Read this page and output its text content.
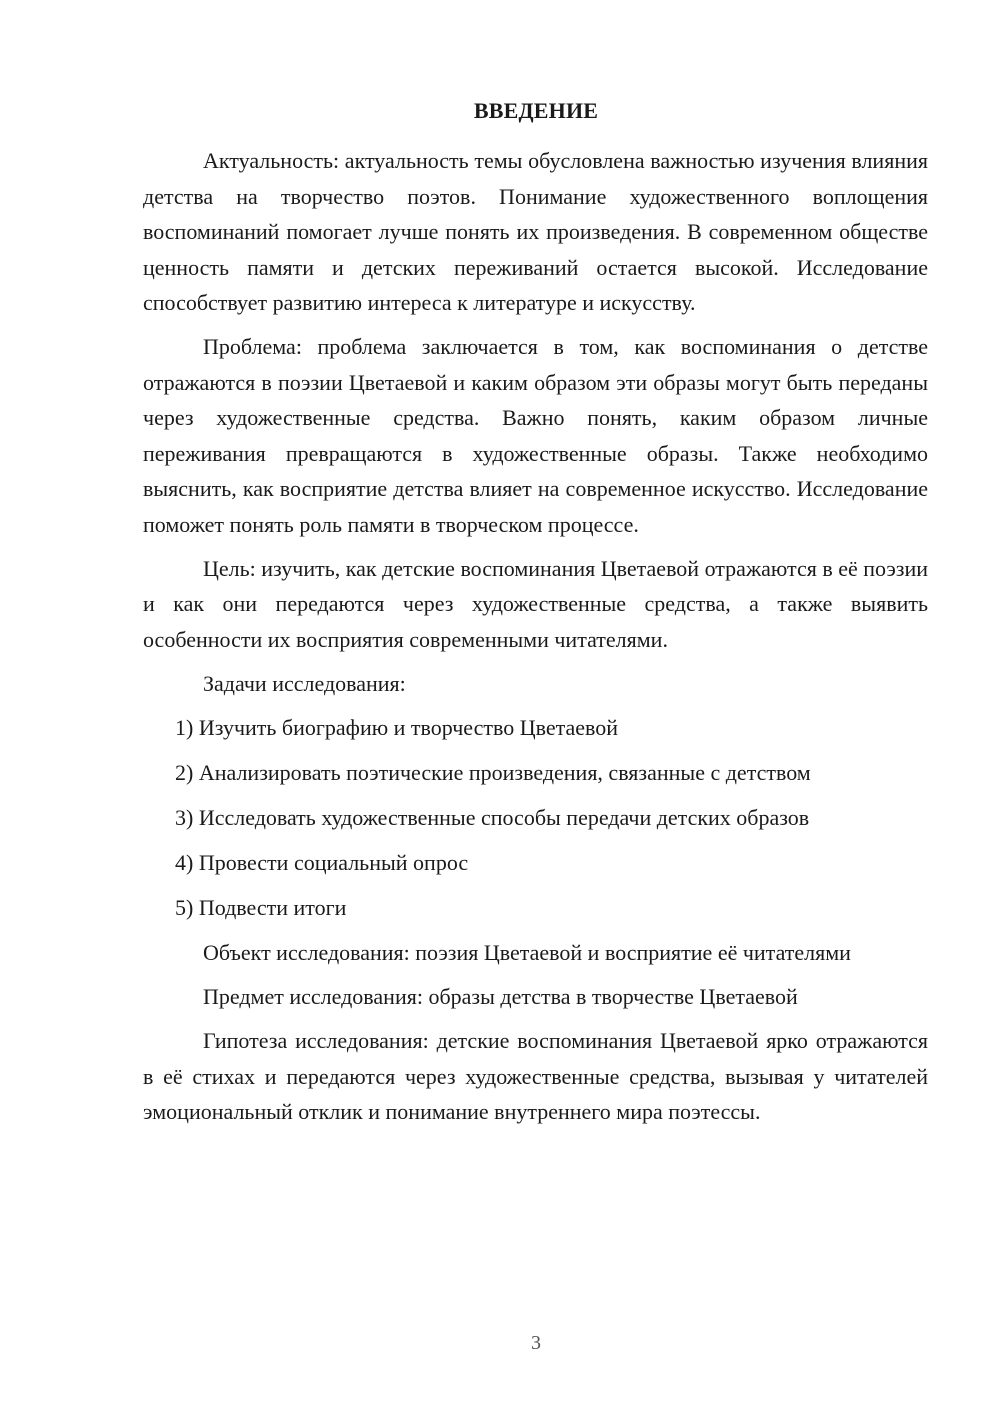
ВВЕДЕНИЕ

Актуальность: актуальность темы обусловлена важностью изучения влияния детства на творчество поэтов. Понимание художественного воплощения воспоминаний помогает лучше понять их произведения. В современном обществе ценность памяти и детских переживаний остается высокой. Исследование способствует развитию интереса к литературе и искусству.

Проблема: проблема заключается в том, как воспоминания о детстве отражаются в поэзии Цветаевой и каким образом эти образы могут быть переданы через художественные средства. Важно понять, каким образом личные переживания превращаются в художественные образы. Также необходимо выяснить, как восприятие детства влияет на современное искусство. Исследование поможет понять роль памяти в творческом процессе.

Цель: изучить, как детские воспоминания Цветаевой отражаются в её поэзии и как они передаются через художественные средства, а также выявить особенности их восприятия современными читателями.

Задачи исследования:

1) Изучить биографию и творчество Цветаевой
2) Анализировать поэтические произведения, связанные с детством
3) Исследовать художественные способы передачи детских образов
4) Провести социальный опрос
5) Подвести итоги

Объект исследования: поэзия Цветаевой и восприятие её читателями

Предмет исследования: образы детства в творчестве Цветаевой

Гипотеза исследования: детские воспоминания Цветаевой ярко отражаются в её стихах и передаются через художественные средства, вызывая у читателей эмоциональный отклик и понимание внутреннего мира поэтессы.

3
